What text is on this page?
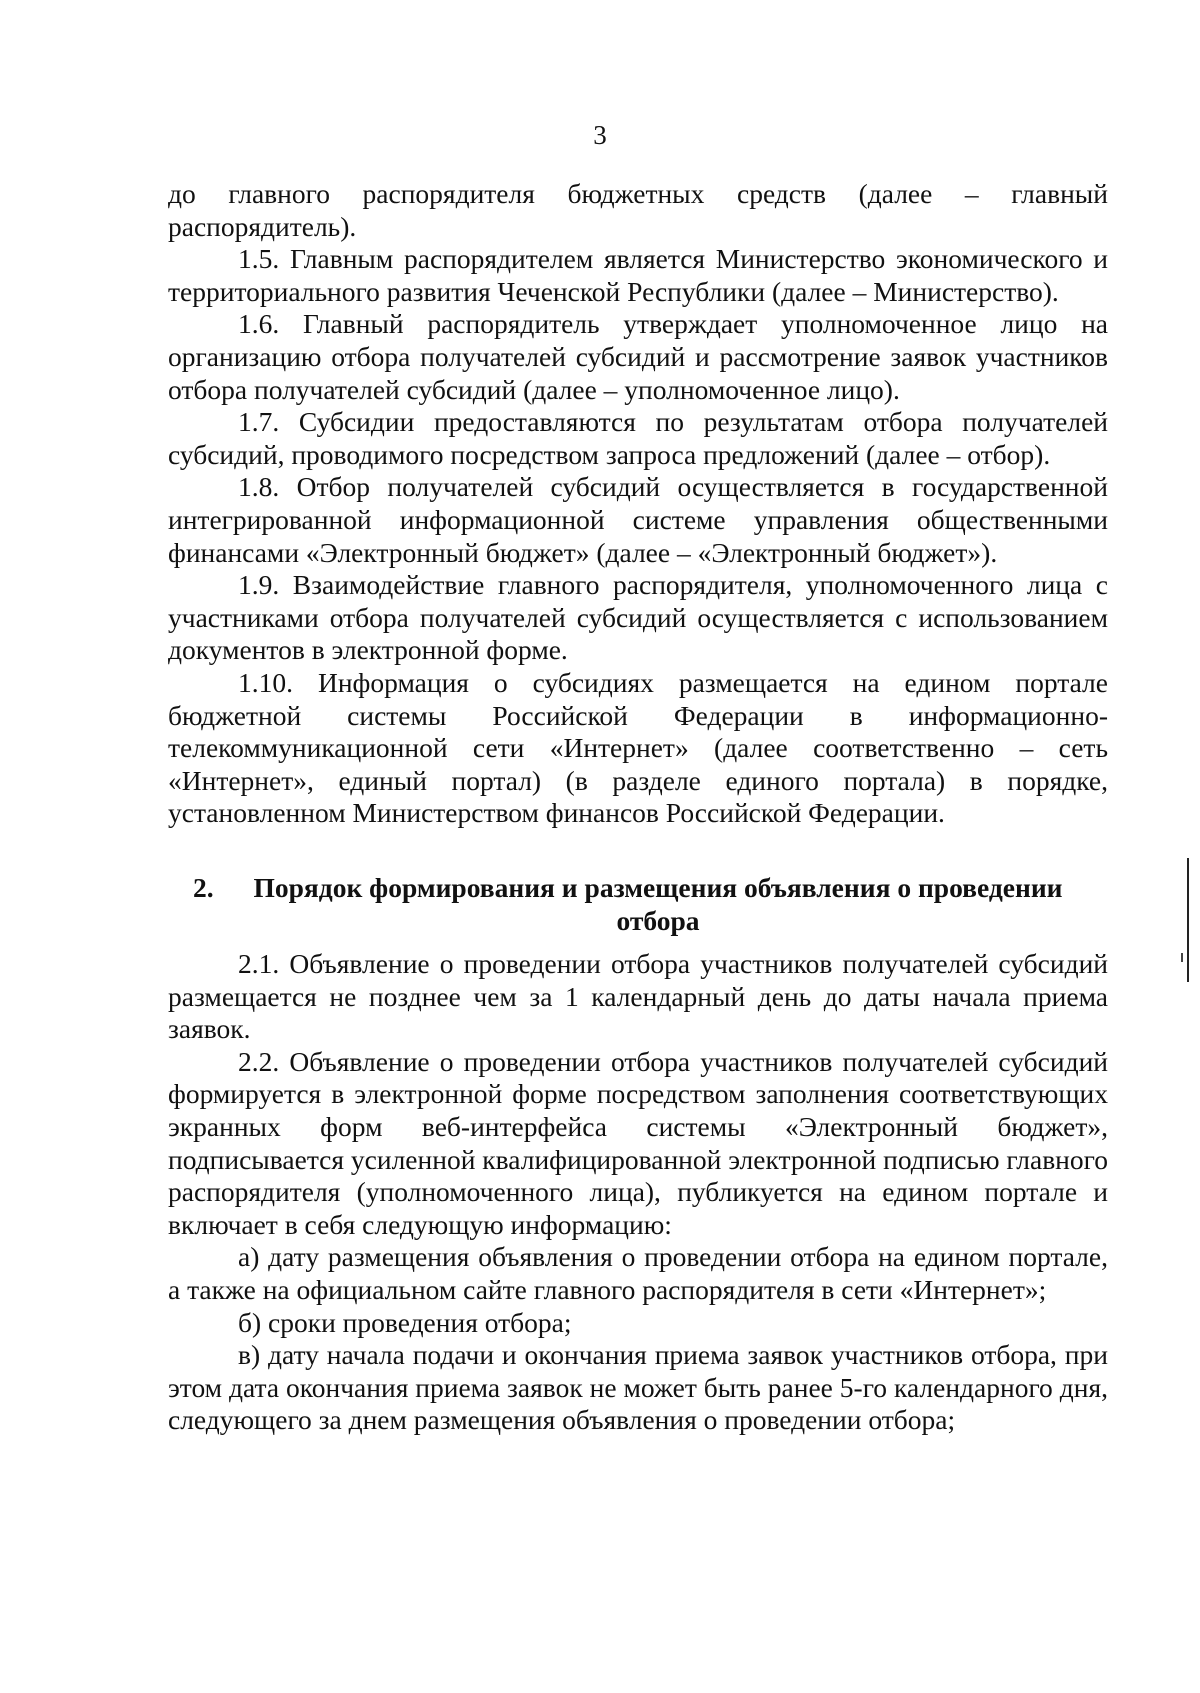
3

до главного распорядителя бюджетных средств (далее – главный распорядитель).

1.5. Главным распорядителем является Министерство экономического и территориального развития Чеченской Республики (далее – Министерство).

1.6. Главный распорядитель утверждает уполномоченное лицо на организацию отбора получателей субсидий и рассмотрение заявок участников отбора получателей субсидий (далее – уполномоченное лицо).

1.7. Субсидии предоставляются по результатам отбора получателей субсидий, проводимого посредством запроса предложений (далее – отбор).

1.8. Отбор получателей субсидий осуществляется в государственной интегрированной информационной системе управления общественными финансами «Электронный бюджет» (далее – «Электронный бюджет»).

1.9. Взаимодействие главного распорядителя, уполномоченного лица с участниками отбора получателей субсидий осуществляется с использованием документов в электронной форме.

1.10. Информация о субсидиях размещается на едином портале бюджетной системы Российской Федерации в информационно-телекоммуникационной сети «Интернет» (далее соответственно – сеть «Интернет», единый портал) (в разделе единого портала) в порядке, установленном Министерством финансов Российской Федерации.

2.	Порядок формирования и размещения объявления о проведении отбора

2.1. Объявление о проведении отбора участников получателей субсидий размещается не позднее чем за 1 календарный день до даты начала приема заявок.

2.2. Объявление о проведении отбора участников получателей субсидий формируется в электронной форме посредством заполнения соответствующих экранных форм веб-интерфейса системы «Электронный бюджет», подписывается усиленной квалифицированной электронной подписью главного распорядителя (уполномоченного лица), публикуется на едином портале и включает в себя следующую информацию:

а) дату размещения объявления о проведении отбора на едином портале, а также на официальном сайте главного распорядителя в сети «Интернет»;

б) сроки проведения отбора;

в) дату начала подачи и окончания приема заявок участников отбора, при этом дата окончания приема заявок не может быть ранее 5-го календарного дня, следующего за днем размещения объявления о проведении отбора;
